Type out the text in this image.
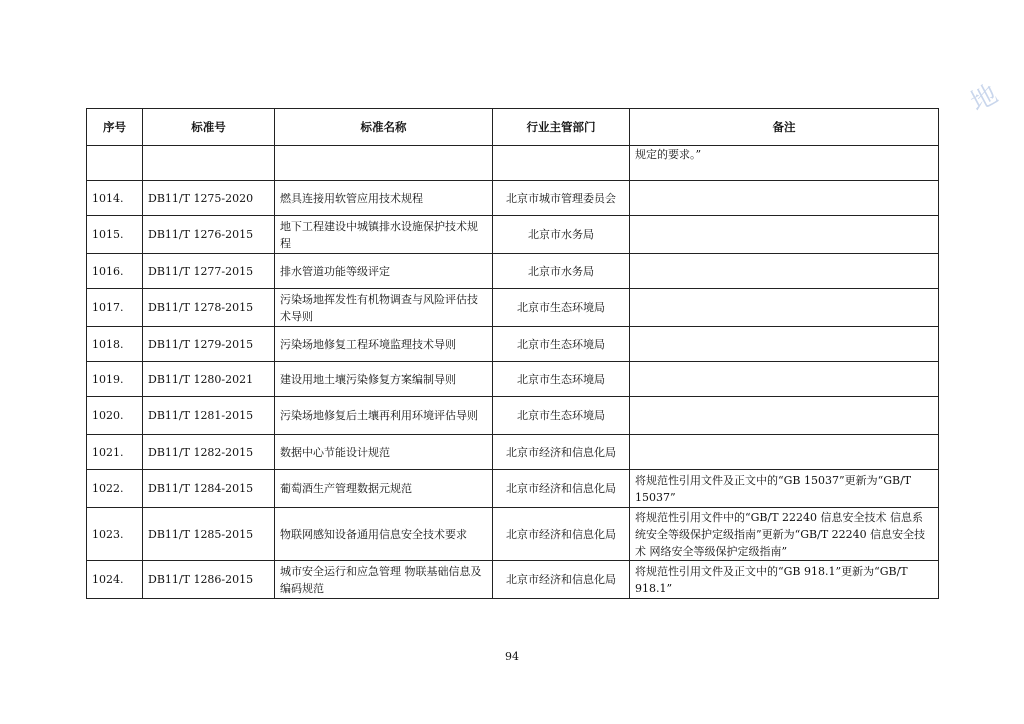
地
序号	标准号	标准名称	行业主管部门	备注
				规定的要求。”
1014.	DB11/T 1275-2020	燃具连接用软管应用技术规程	北京市城市管理委员会	
1015.	DB11/T 1276-2015	地下工程建设中城镇排水设施保护技术规程	北京市水务局	
1016.	DB11/T 1277-2015	排水管道功能等级评定	北京市水务局	
1017.	DB11/T 1278-2015	污染场地挥发性有机物调查与风险评估技术导则	北京市生态环境局	
1018.	DB11/T 1279-2015	污染场地修复工程环境监理技术导则	北京市生态环境局	
1019.	DB11/T 1280-2021	建设用地土壤污染修复方案编制导则	北京市生态环境局	
1020.	DB11/T 1281-2015	污染场地修复后土壤再利用环境评估导则	北京市生态环境局	
1021.	DB11/T 1282-2015	数据中心节能设计规范	北京市经济和信息化局	
1022.	DB11/T 1284-2015	葡萄酒生产管理数据元规范	北京市经济和信息化局	将规范性引用文件及正文中的“GB 15037”更新为“GB/T 15037”
1023.	DB11/T 1285-2015	物联网感知设备通用信息安全技术要求	北京市经济和信息化局	将规范性引用文件中的“GB/T 22240 信息安全技术 信息系统安全等级保护定级指南”更新为“GB/T 22240 信息安全技术 网络安全等级保护定级指南”
1024.	DB11/T 1286-2015	城市安全运行和应急管理 物联基础信息及编码规范	北京市经济和信息化局	将规范性引用文件及正文中的“GB 918.1”更新为“GB/T 918.1”
94
